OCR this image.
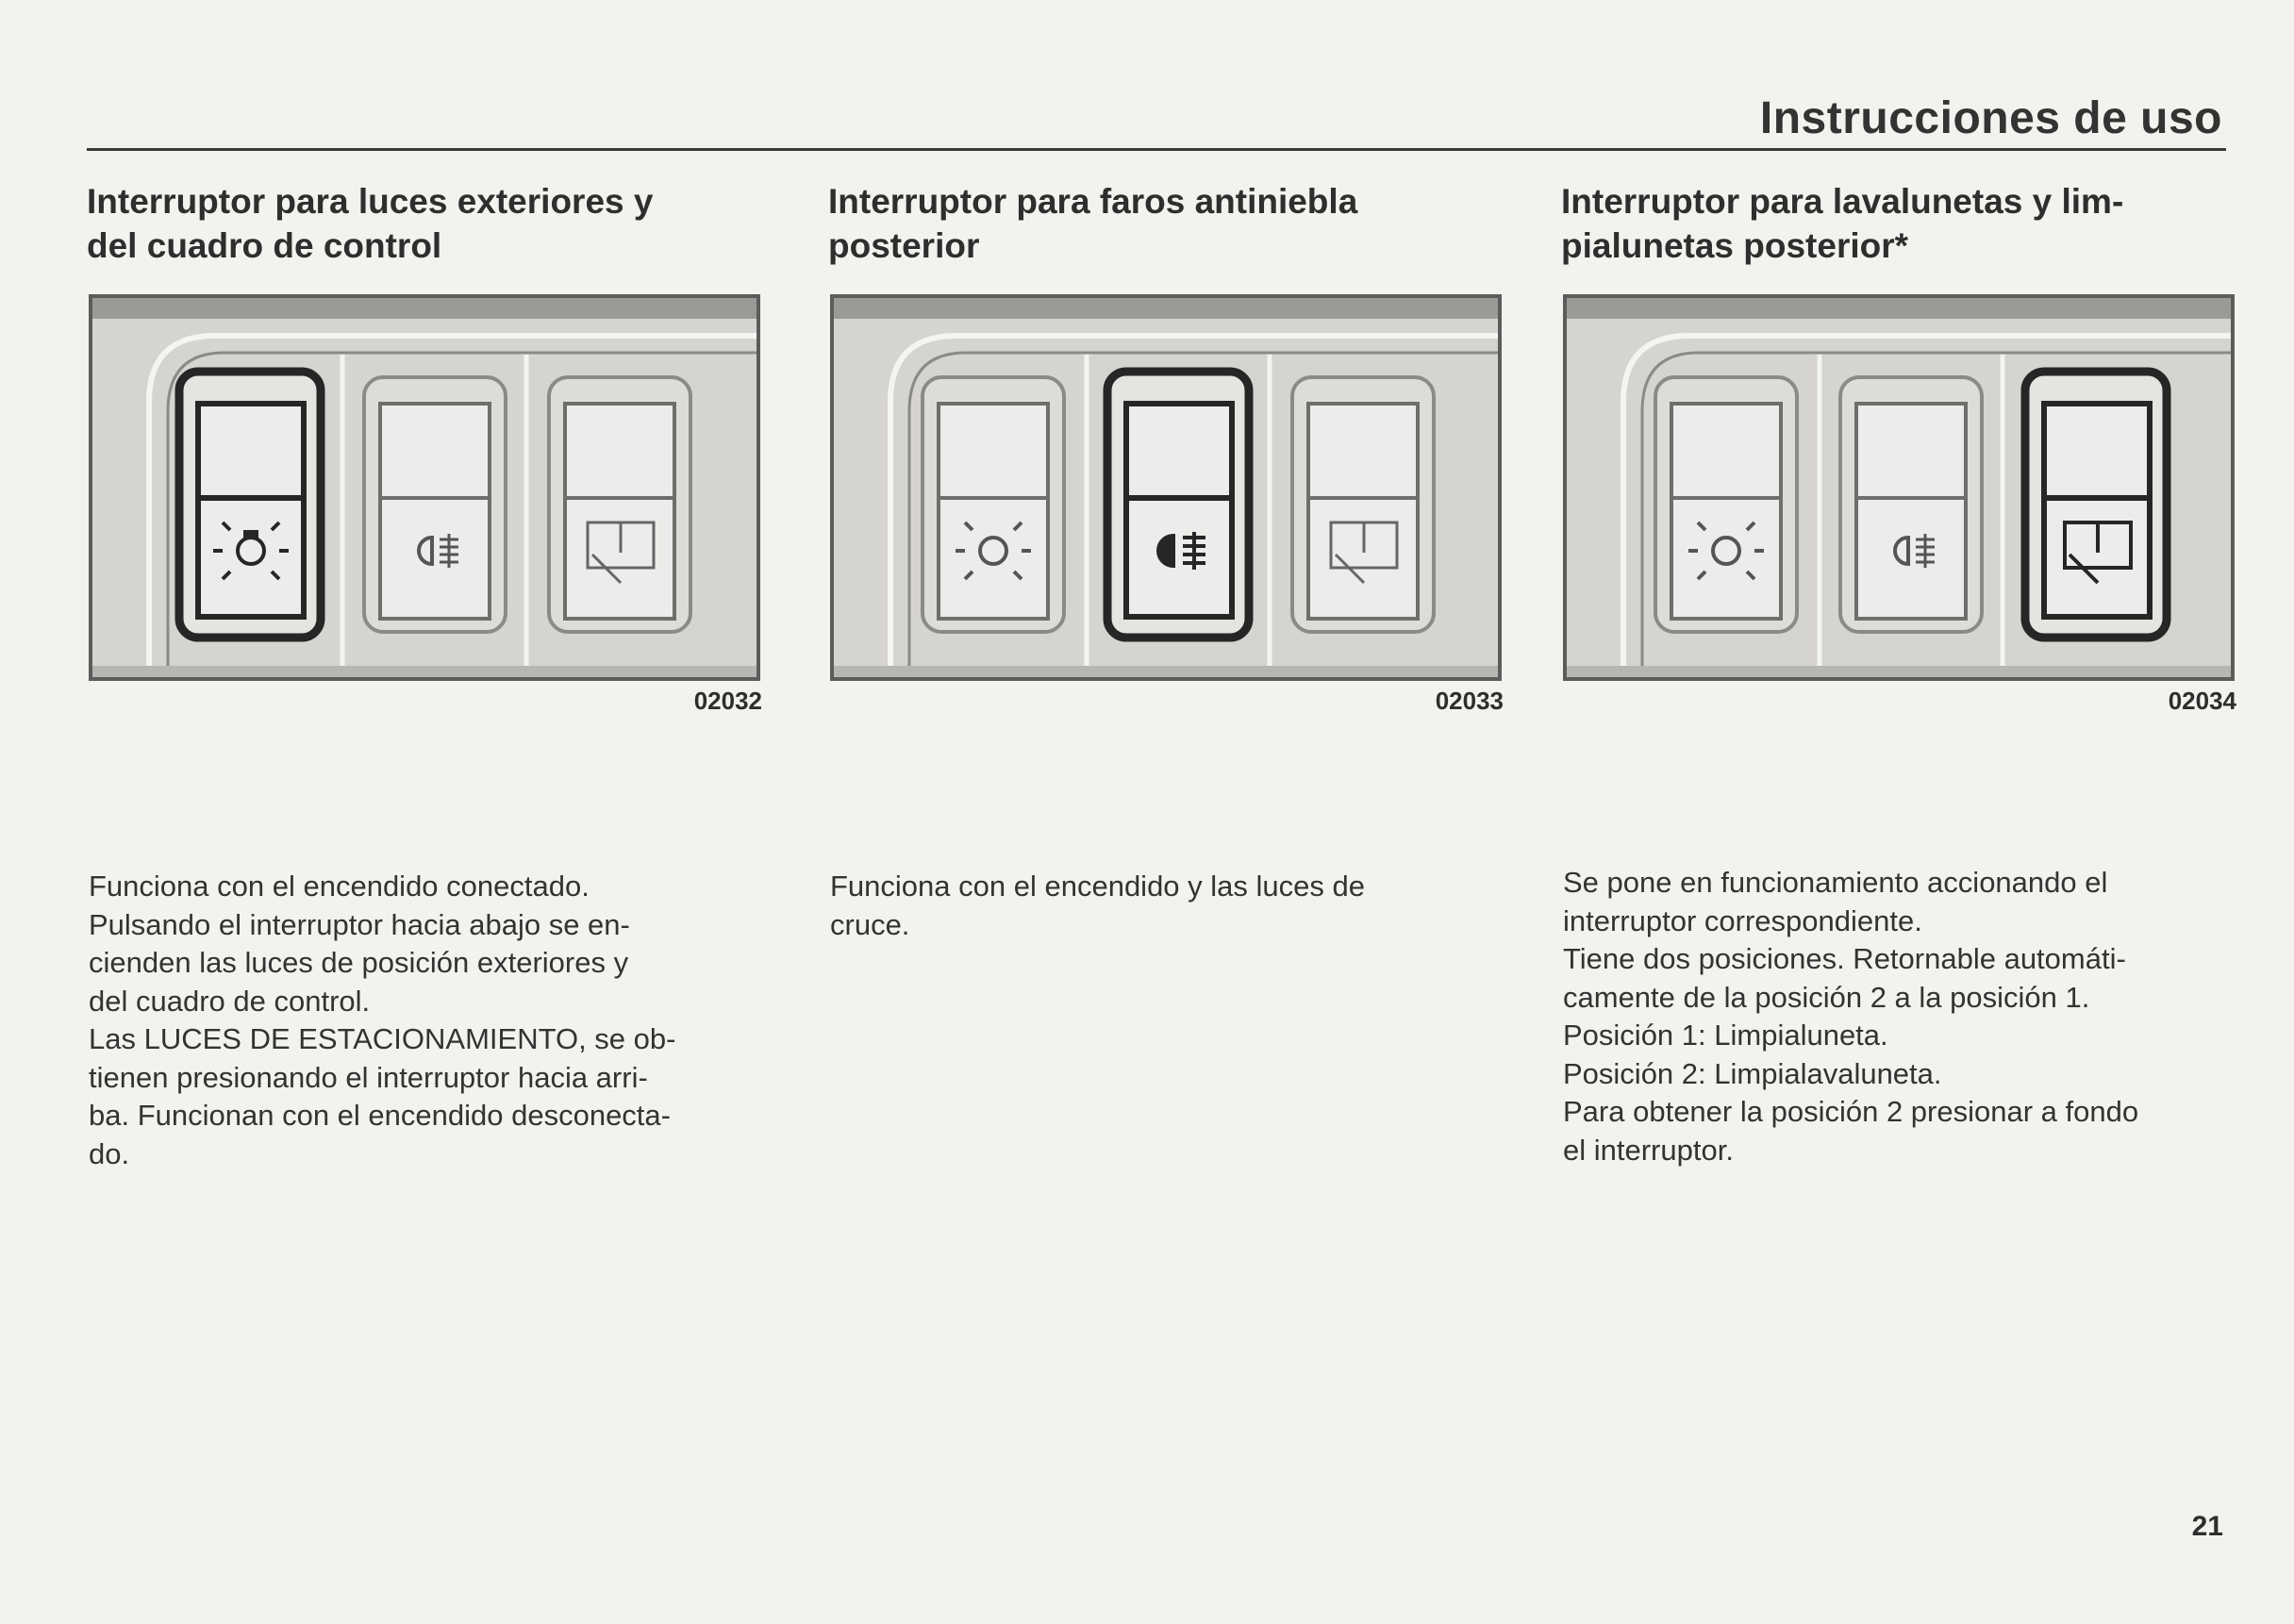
Instrucciones de uso
Interruptor para luces exteriores y
del cuadro de control
02032

Funciona con el encendido conectado.

Pulsando el interruptor hacia abajo se en-

cienden las luces de posición exteriores y

del cuadro de control.

Las LUCES DE ESTACIONAMIENTO, se ob-

tienen presionando el interruptor hacia arri-

ba. Funcionan con el encendido desconecta-

do.

Interruptor para faros antiniebla
posterior
02033

Funciona con el encendido y las luces de

cruce.

Interruptor para lavalunetas y lim-
pialunetas posterior*
02034

Se pone en funcionamiento accionando el

interruptor correspondiente.

Tiene dos posiciones. Retornable automáti-

camente de la posición 2 a la posición 1.

Posición 1: Limpialuneta.

Posición 2: Limpialavaluneta.

Para obtener la posición 2 presionar a fondo

el interruptor.

21
